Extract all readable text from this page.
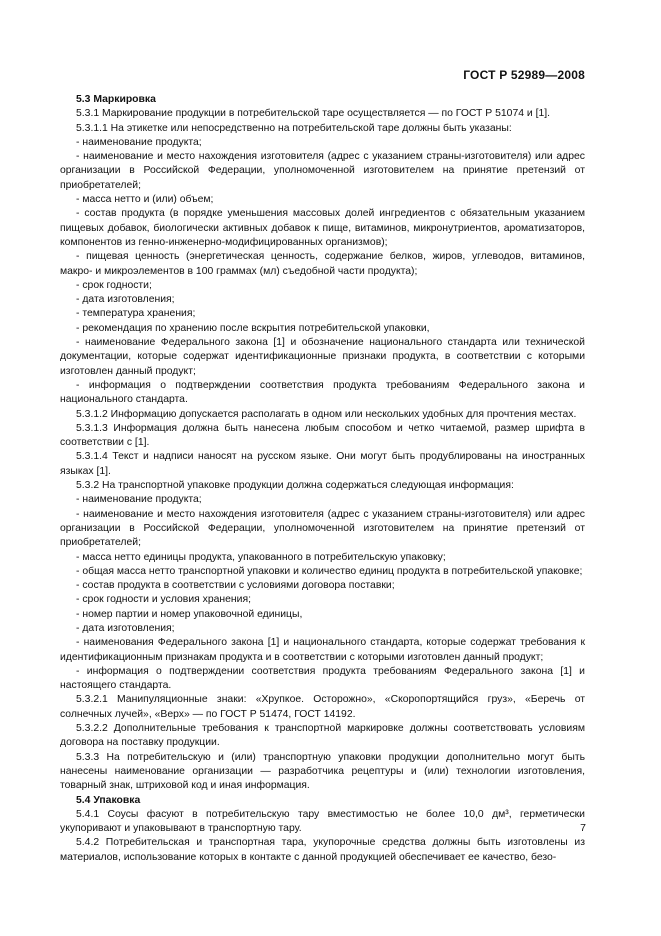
ГОСТ Р 52989—2008

5.3 Маркировка

5.3.1 Маркирование продукции в потребительской таре осуществляется — по ГОСТ Р 51074 и [1].

5.3.1.1 На этикетке или непосредственно на потребительской таре должны быть указаны:

- наименование продукта;

- наименование и место нахождения изготовителя (адрес с указанием страны-изготовителя) или адрес организации в Российской Федерации, уполномоченной изготовителем на принятие претензий от приобретателей;

- масса нетто и (или) объем;

- состав продукта (в порядке уменьшения массовых долей ингредиентов с обязательным указанием пищевых добавок, биологически активных добавок к пище, витаминов, микронутриентов, ароматизаторов, компонентов из генно-инженерно-модифицированных организмов);

- пищевая ценность (энергетическая ценность, содержание белков, жиров, углеводов, витаминов, макро- и микроэлементов в 100 граммах (мл) съедобной части продукта);

- срок годности;

- дата изготовления;

- температура хранения;

- рекомендация по хранению после вскрытия потребительской упаковки,

- наименование Федерального закона [1] и обозначение национального стандарта или технической документации, которые содержат идентификационные признаки продукта, в соответствии с которыми изготовлен данный продукт;

- информация о подтверждении соответствия продукта требованиям Федерального закона и национального стандарта.

5.3.1.2 Информацию допускается располагать в одном или нескольких удобных для прочтения местах.

5.3.1.3 Информация должна быть нанесена любым способом и четко читаемой, размер шрифта в соответствии с [1].

5.3.1.4 Текст и надписи наносят на русском языке. Они могут быть продублированы на иностранных языках [1].

5.3.2 На транспортной упаковке продукции должна содержаться следующая информация:

- наименование продукта;

- наименование и место нахождения изготовителя (адрес с указанием страны-изготовителя) или адрес организации в Российской Федерации, уполномоченной изготовителем на принятие претензий от приобретателей;

- масса нетто единицы продукта, упакованного в потребительскую упаковку;

- общая масса нетто транспортной упаковки и количество единиц продукта в потребительской упаковке;

- состав продукта в соответствии с условиями договора поставки;

- срок годности и условия хранения;

- номер партии и номер упаковочной единицы,

- дата изготовления;

- наименования Федерального закона [1] и национального стандарта, которые содержат требования к идентификационным признакам продукта и в соответствии с которыми изготовлен данный продукт;

- информация о подтверждении соответствия продукта требованиям Федерального закона [1] и настоящего стандарта.

5.3.2.1 Манипуляционные знаки: «Хрупкое. Осторожно», «Скоропортящийся груз», «Беречь от солнечных лучей», «Верх» — по ГОСТ Р 51474, ГОСТ 14192.

5.3.2.2 Дополнительные требования к транспортной маркировке должны соответствовать условиям договора на поставку продукции.

5.3.3 На потребительскую и (или) транспортную упаковки продукции дополнительно могут быть нанесены наименование организации — разработчика рецептуры и (или) технологии изготовления, товарный знак, штриховой код и иная информация.

5.4 Упаковка

5.4.1 Соусы фасуют в потребительскую тару вместимостью не более 10,0 дм³, герметически укупоривают и упаковывают в транспортную тару.

5.4.2 Потребительская и транспортная тара, укупорочные средства должны быть изготовлены из материалов, использование которых в контакте с данной продукцией обеспечивает ее качество, безо-

7
